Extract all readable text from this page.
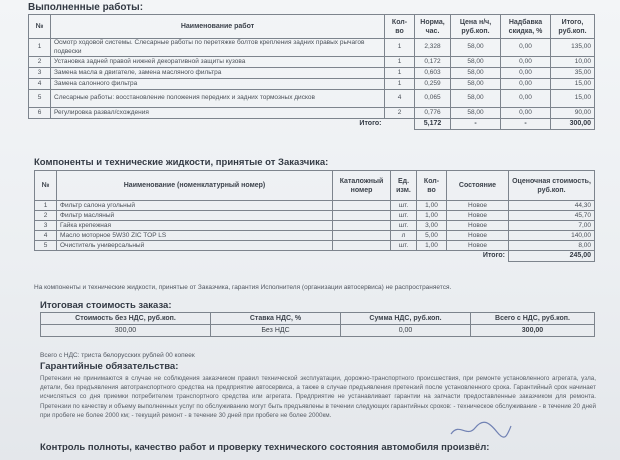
Выполненные работы:
№	Наименование работ	Кол-во	Норма, час.	Цена н/ч, руб.коп.	Надбавка скидка, %	Итого, руб.коп.
1	Осмотр ходовой системы. Слесарные работы по перетяжке болтов крепления задних правых рычагов подвески	1	2,328	58,00	0,00	135,00
2	Установка задней правой нижней декоративной защиты кузова	1	0,172	58,00	0,00	10,00
3	Замена масла в двигателе, замена масляного фильтра	1	0,603	58,00	0,00	35,00
4	Замена салонного фильтра	1	0,259	58,00	0,00	15,00
5	Слесарные работы: восстановление положения передних и задних тормозных дисков	4	0,065	58,00	0,00	15,00
6	Регулировка развал/схождения	2	0,776	58,00	0,00	90,00
	Итого:		5,172	-	-	300,00
Компоненты и технические жидкости, принятые от Заказчика:
№	Наименование (номенклатурный номер)	Каталожный номер	Ед. изм.	Кол-во	Состояние	Оценочная стоимость, руб.коп.
1	Фильтр салона угольный		шт.	1,00	Новое	44,30
2	Фильтр масляный		шт.	1,00	Новое	45,70
3	Гайка крепежная		шт.	3,00	Новое	7,00
4	Масло моторное 5W30 ZIC TOP LS		л	5,00	Новое	140,00
5	Очиститель универсальный		шт.	1,00	Новое	8,00
					Итого:	245,00
На компоненты и технические жидкости, принятые от Заказчика, гарантия Исполнителя (организации автосервиса) не распространяется.
Итоговая стоимость заказа:
Стоимость без НДС, руб.коп.	Ставка НДС, %	Сумма НДС, руб.коп.	Всего с НДС, руб.коп.
300,00	Без НДС	0,00	300,00
Всего с НДС: триста белорусских рублей 00 копеек
Гарантийные обязательства:
Претензии не принимаются в случае не соблюдения заказчиком правил технической эксплуатации, дорожно-транспортного происшествия, при ремонте установленного агрегата, узла, детали, без предъявления автотранспортного средства на предприятие автосервиса, а также в случае предъявления претензий после установленного срока. Гарантийный срок начинает исчисляться со дня приемки потребителем транспортного средства или агрегата. Предприятие не устанавливает гарантии на запчасти предоставленные заказчиком для ремонта. Претензии по качеству и объему выполненных услуг по обслуживанию могут быть предъявлены в течении следующих гарантийных сроков: - техническое обслуживание - в течение 20 дней при пробеге не более 2000 км; - текущий ремонт - в течение 30 дней при пробеге не более 2000км.
Контроль полноты, качество работ и проверку технического состояния автомобиля произвёл:
